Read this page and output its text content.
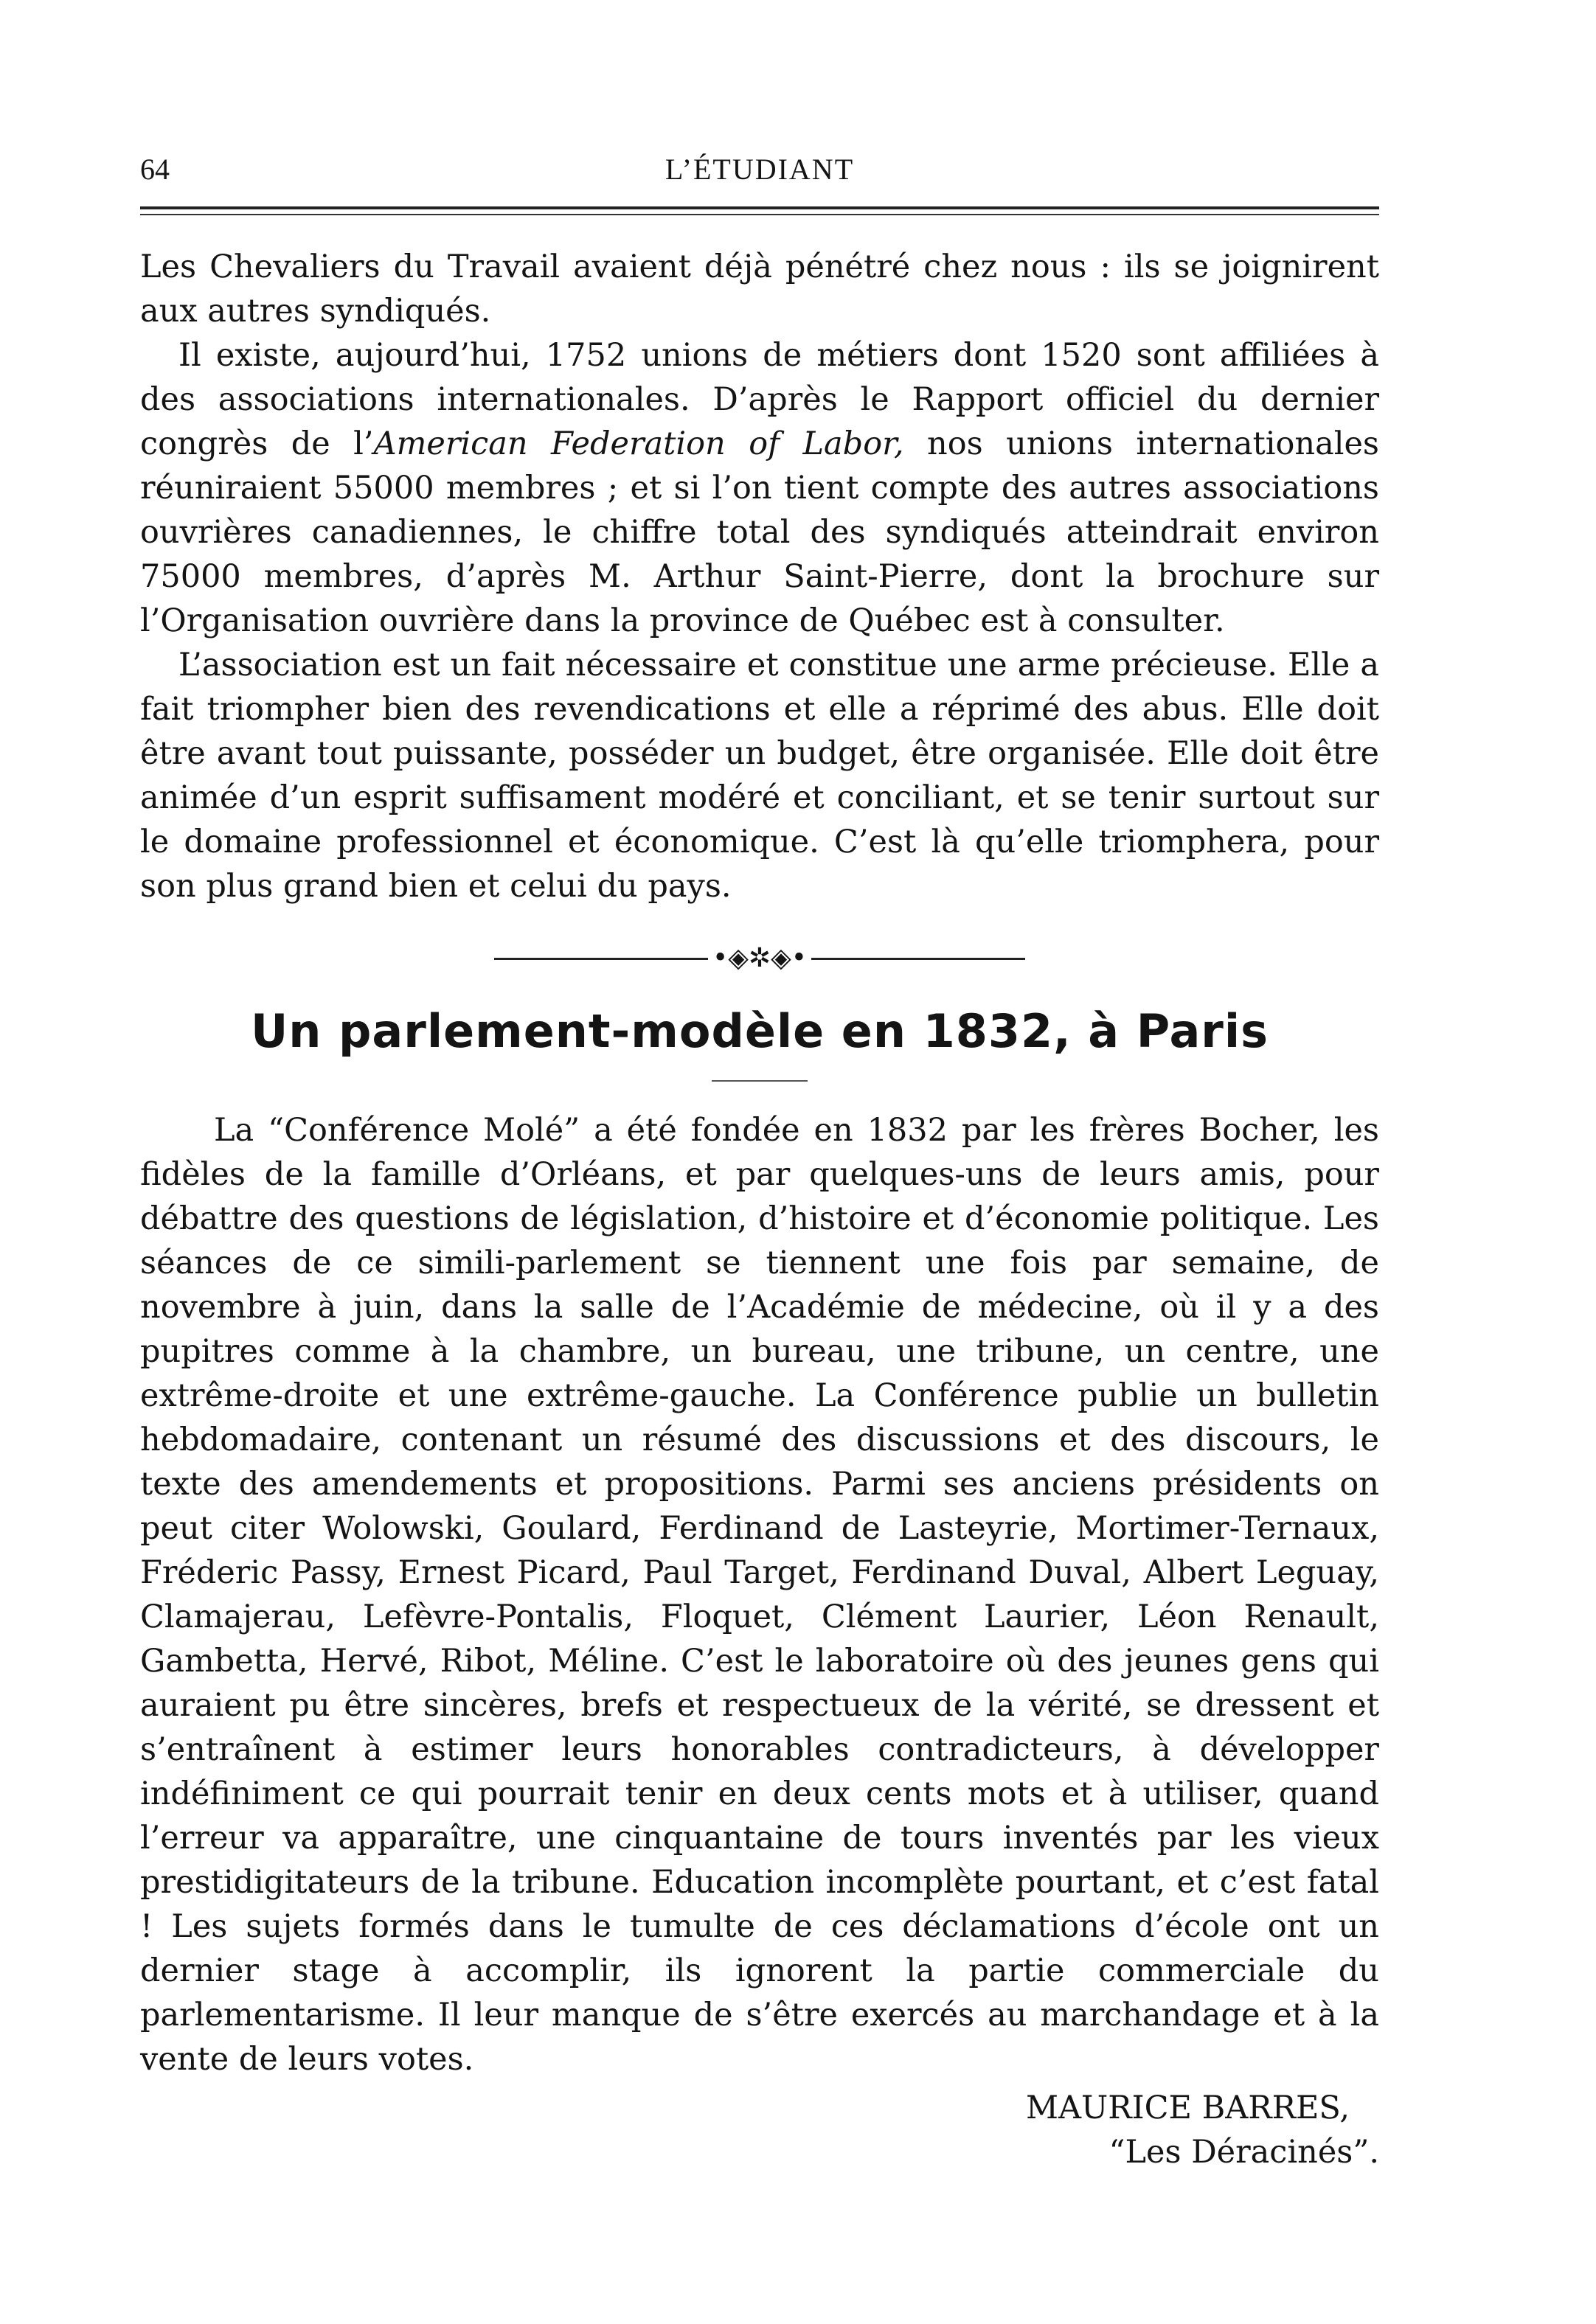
64	L’ÉTUDIANT

Les Chevaliers du Travail avaient déjà pénétré chez nous : ils se joignirent aux autres syndiqués.

Il existe, aujourd’hui, 1752 unions de métiers dont 1520 sont affiliées à des associations internationales. D’après le Rapport officiel du dernier congrès de l’American Federation of Labor, nos unions internationales réuniraient 55000 membres ; et si l’on tient compte des autres associations ouvrières canadiennes, le chiffre total des syndiqués atteindrait environ 75000 membres, d’après M. Arthur Saint-Pierre, dont la brochure sur l’Organisation ouvrière dans la province de Québec est à consulter.

L’association est un fait nécessaire et constitue une arme précieuse. Elle a fait triompher bien des revendications et elle a réprimé des abus. Elle doit être avant tout puissante, posséder un budget, être organisée. Elle doit être animée d’un esprit suffisament modéré et conciliant, et se tenir surtout sur le domaine professionnel et économique. C’est là qu’elle triomphera, pour son plus grand bien et celui du pays.

•◈✲◈•
Un parlement-modèle en 1832, à Paris

La “Conférence Molé” a été fondée en 1832 par les frères Bocher, les fidèles de la famille d’Orléans, et par quelques-uns de leurs amis, pour débattre des questions de législation, d’histoire et d’économie politique. Les séances de ce simili-parlement se tiennent une fois par semaine, de novembre à juin, dans la salle de l’Académie de médecine, où il y a des pupitres comme à la chambre, un bureau, une tribune, un centre, une extrême-droite et une extrême-gauche. La Conférence publie un bulletin hebdomadaire, contenant un résumé des discussions et des discours, le texte des amendements et propositions. Parmi ses anciens présidents on peut citer Wolowski, Goulard, Ferdinand de Lasteyrie, Mortimer-Ternaux, Fréderic Passy, Ernest Picard, Paul Target, Ferdinand Duval, Albert Leguay, Clamajerau, Lefèvre-Pontalis, Floquet, Clément Laurier, Léon Renault, Gambetta, Hervé, Ribot, Méline. C’est le laboratoire où des jeunes gens qui auraient pu être sincères, brefs et respectueux de la vérité, se dressent et s’entraînent à estimer leurs honorables contradicteurs, à développer indéfiniment ce qui pourrait tenir en deux cents mots et à utiliser, quand l’erreur va apparaître, une cinquantaine de tours inventés par les vieux prestidigitateurs de la tribune. Education incomplète pourtant, et c’est fatal ! Les sujets formés dans le tumulte de ces déclamations d’école ont un dernier stage à accomplir, ils ignorent la partie commerciale du parlementarisme. Il leur manque de s’être exercés au marchandage et à la vente de leurs votes.

MAURICE BARRES,
“Les Déracinés”.
